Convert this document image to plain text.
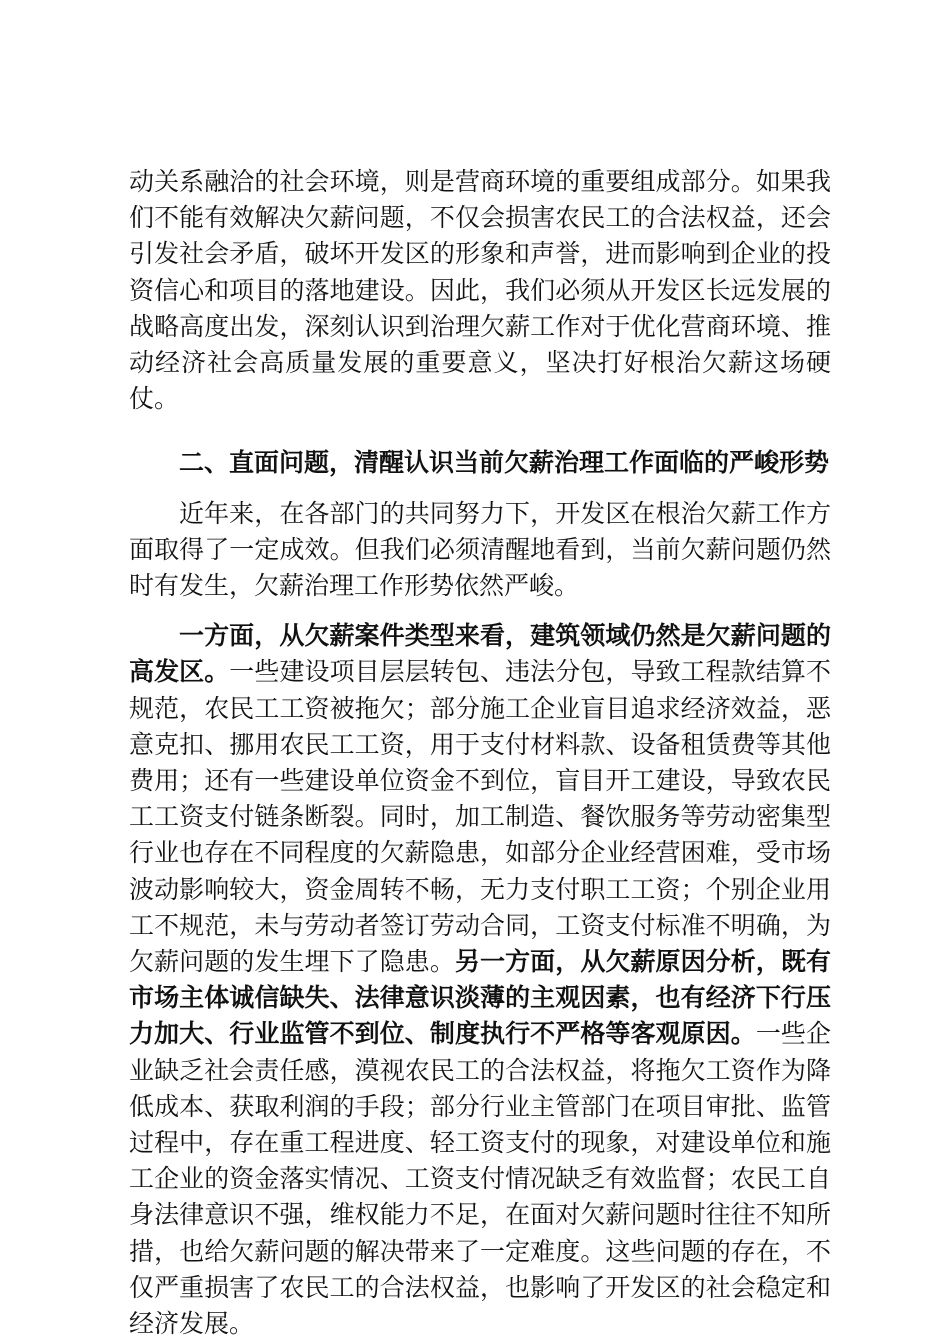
动关系融洽的社会环境，则是营商环境的重要组成部分。如果我们不能有效解决欠薪问题，不仅会损害农民工的合法权益，还会引发社会矛盾，破坏开发区的形象和声誉，进而影响到企业的投资信心和项目的落地建设。因此，我们必须从开发区长远发展的战略高度出发，深刻认识到治理欠薪工作对于优化营商环境、推动经济社会高质量发展的重要意义，坚决打好根治欠薪这场硬仗。

二、直面问题，清醒认识当前欠薪治理工作面临的严峻形势

近年来，在各部门的共同努力下，开发区在根治欠薪工作方面取得了一定成效。但我们必须清醒地看到，当前欠薪问题仍然时有发生，欠薪治理工作形势依然严峻。

一方面，从欠薪案件类型来看，建筑领域仍然是欠薪问题的高发区。一些建设项目层层转包、违法分包，导致工程款结算不规范，农民工工资被拖欠；部分施工企业盲目追求经济效益，恶意克扣、挪用农民工工资，用于支付材料款、设备租赁费等其他费用；还有一些建设单位资金不到位，盲目开工建设，导致农民工工资支付链条断裂。同时，加工制造、餐饮服务等劳动密集型行业也存在不同程度的欠薪隐患，如部分企业经营困难，受市场波动影响较大，资金周转不畅，无力支付职工工资；个别企业用工不规范，未与劳动者签订劳动合同，工资支付标准不明确，为欠薪问题的发生埋下了隐患。另一方面，从欠薪原因分析，既有市场主体诚信缺失、法律意识淡薄的主观因素，也有经济下行压力加大、行业监管不到位、制度执行不严格等客观原因。一些企业缺乏社会责任感，漠视农民工的合法权益，将拖欠工资作为降低成本、获取利润的手段；部分行业主管部门在项目审批、监管过程中，存在重工程进度、轻工资支付的现象，对建设单位和施工企业的资金落实情况、工资支付情况缺乏有效监督；农民工自身法律意识不强，维权能力不足，在面对欠薪问题时往往不知所措，也给欠薪问题的解决带来了一定难度。这些问题的存在，不仅严重损害了农民工的合法权益，也影响了开发区的社会稳定和经济发展。
